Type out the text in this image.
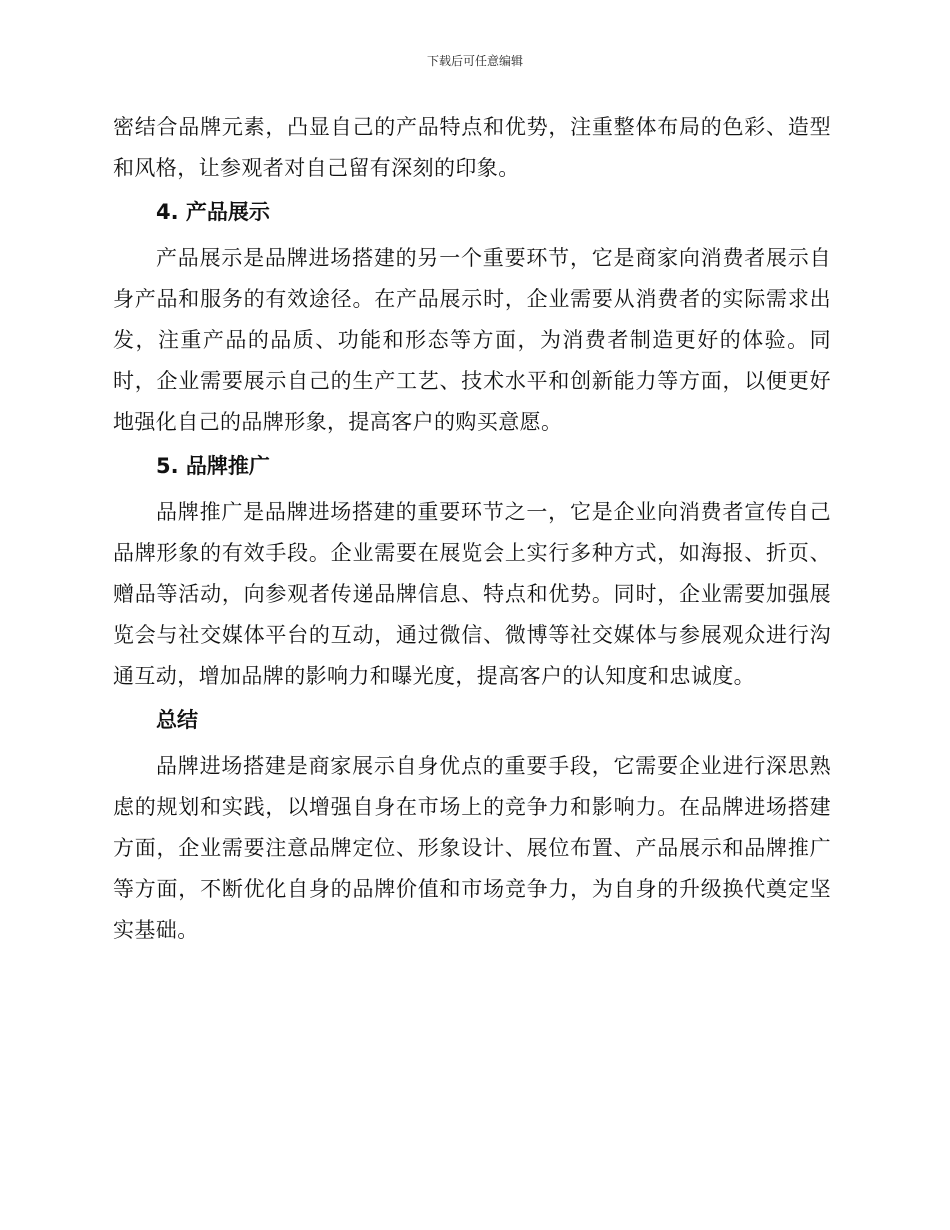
下载后可任意编辑

密结合品牌元素，凸显自己的产品特点和优势，注重整体布局的色彩、造型和风格，让参观者对自己留有深刻的印象。

4. 产品展示

产品展示是品牌进场搭建的另一个重要环节，它是商家向消费者展示自身产品和服务的有效途径。在产品展示时，企业需要从消费者的实际需求出发，注重产品的品质、功能和形态等方面，为消费者制造更好的体验。同时，企业需要展示自己的生产工艺、技术水平和创新能力等方面，以便更好地强化自己的品牌形象，提高客户的购买意愿。

5. 品牌推广

品牌推广是品牌进场搭建的重要环节之一，它是企业向消费者宣传自己品牌形象的有效手段。企业需要在展览会上实行多种方式，如海报、折页、赠品等活动，向参观者传递品牌信息、特点和优势。同时，企业需要加强展览会与社交媒体平台的互动，通过微信、微博等社交媒体与参展观众进行沟通互动，增加品牌的影响力和曝光度，提高客户的认知度和忠诚度。

总结

品牌进场搭建是商家展示自身优点的重要手段，它需要企业进行深思熟虑的规划和实践，以增强自身在市场上的竞争力和影响力。在品牌进场搭建方面，企业需要注意品牌定位、形象设计、展位布置、产品展示和品牌推广等方面，不断优化自身的品牌价值和市场竞争力，为自身的升级换代奠定坚实基础。
